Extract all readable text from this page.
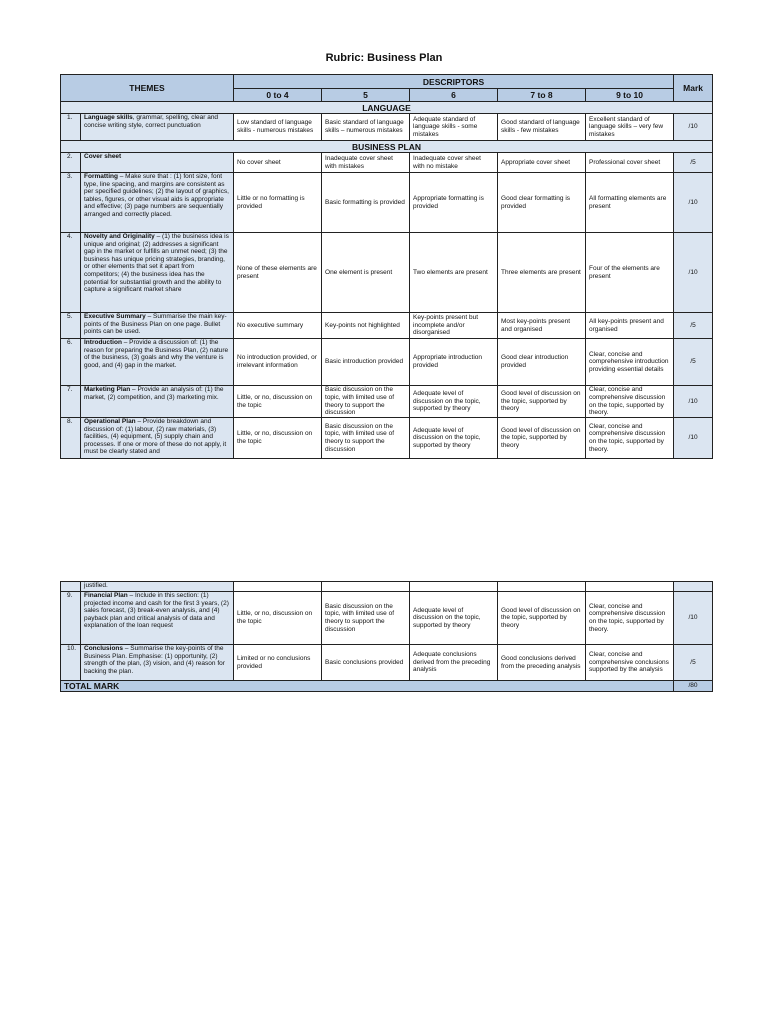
Rubric: Business Plan
THEMES		DESCRIPTORS					Mark
		0 to 4	5	6	7 to 8	9 to 10	
LANGUAGE							
1.	Language skills, grammar, spelling, clear and concise writing style, correct punctuation	Low standard of language skills - numerous mistakes	Basic standard of language skills – numerous mistakes	Adequate standard of language skills - some mistakes	Good standard of language skills - few mistakes	Excellent standard of language skills – very few mistakes	/10
BUSINESS PLAN							
2.	Cover sheet	No cover sheet	Inadequate cover sheet with mistakes	Inadequate cover sheet with no mistake	Appropriate cover sheet	Professional cover sheet	/5
3.	Formatting – Make sure that : (1) font size, font type, line spacing, and margins are consistent as per specified guidelines; (2) the layout of graphics, tables, figures, or other visual aids is appropriate and effective; (3) page numbers are sequentially arranged and correctly placed.	Little or no formatting is provided	Basic formatting is provided	Appropriate formatting is provided	Good clear formatting is provided	All formatting elements are present	/10
4.	Novelty and Originality – (1) the business idea is unique and original; (2) addresses a significant gap in the market or fulfills an unmet need; (3) the business has unique pricing strategies, branding, or other elements that set it apart from competitors; (4) the business idea has the potential for substantial growth and the ability to capture a significant market share	None of these elements are present	One element is present	Two elements are present	Three elements are present	Four of the elements are present	/10
5.	Executive Summary – Summarise the main key-points of the Business Plan on one page. Bullet points can be used.	No executive summary	Key-points not highlighted	Key-points present but incomplete and/or disorganised	Most key-points present and organised	All key-points present and organised	/5
6.	Introduction – Provide a discussion of: (1) the reason for preparing the Business Plan, (2) nature of the business, (3) goals and why the venture is good, and (4) gap in the market.	No introduction provided, or irrelevant information	Basic introduction provided	Appropriate introduction provided	Good clear introduction provided	Clear, concise and comprehensive introduction providing essential details	/5
7.	Marketing Plan – Provide an analysis of: (1) the market, (2) competition, and (3) marketing mix.	Little, or no, discussion on the topic	Basic discussion on the topic, with limited use of theory to support the discussion	Adequate level of discussion on the topic, supported by theory	Good level of discussion on the topic, supported by theory	Clear, concise and comprehensive discussion on the topic, supported by theory.	/10
8.	Operational Plan – Provide breakdown and discussion of: (1) labour, (2) raw materials, (3) facilities, (4) equipment, (5) supply chain and processes. If one or more of these do not apply, it must be clearly stated and	Little, or no, discussion on the topic	Basic discussion on the topic, with limited use of theory to support the discussion	Adequate level of discussion on the topic, supported by theory	Good level of discussion on the topic, supported by theory	Clear, concise and comprehensive discussion on the topic, supported by theory.	/10
	justified.						
9.	Financial Plan – Include in this section: (1) projected income and cash for the first 3 years, (2) sales forecast, (3) break-even analysis, and (4) payback plan and critical analysis of data and explanation of the loan request	Little, or no, discussion on the topic	Basic discussion on the topic, with limited use of theory to support the discussion	Adequate level of discussion on the topic, supported by theory	Good level of discussion on the topic, supported by theory	Clear, concise and comprehensive discussion on the topic, supported by theory.	/10
10.	Conclusions – Summarise the key-points of the Business Plan. Emphasise: (1) opportunity, (2) strength of the plan, (3) vision, and (4) reason for backing the plan.	Limited or no conclusions provided	Basic conclusions provided	Adequate conclusions derived from the preceding analysis	Good conclusions derived from the preceding analysis	Clear, concise and comprehensive conclusions supported by the analysis	/5
TOTAL MARK							/80
